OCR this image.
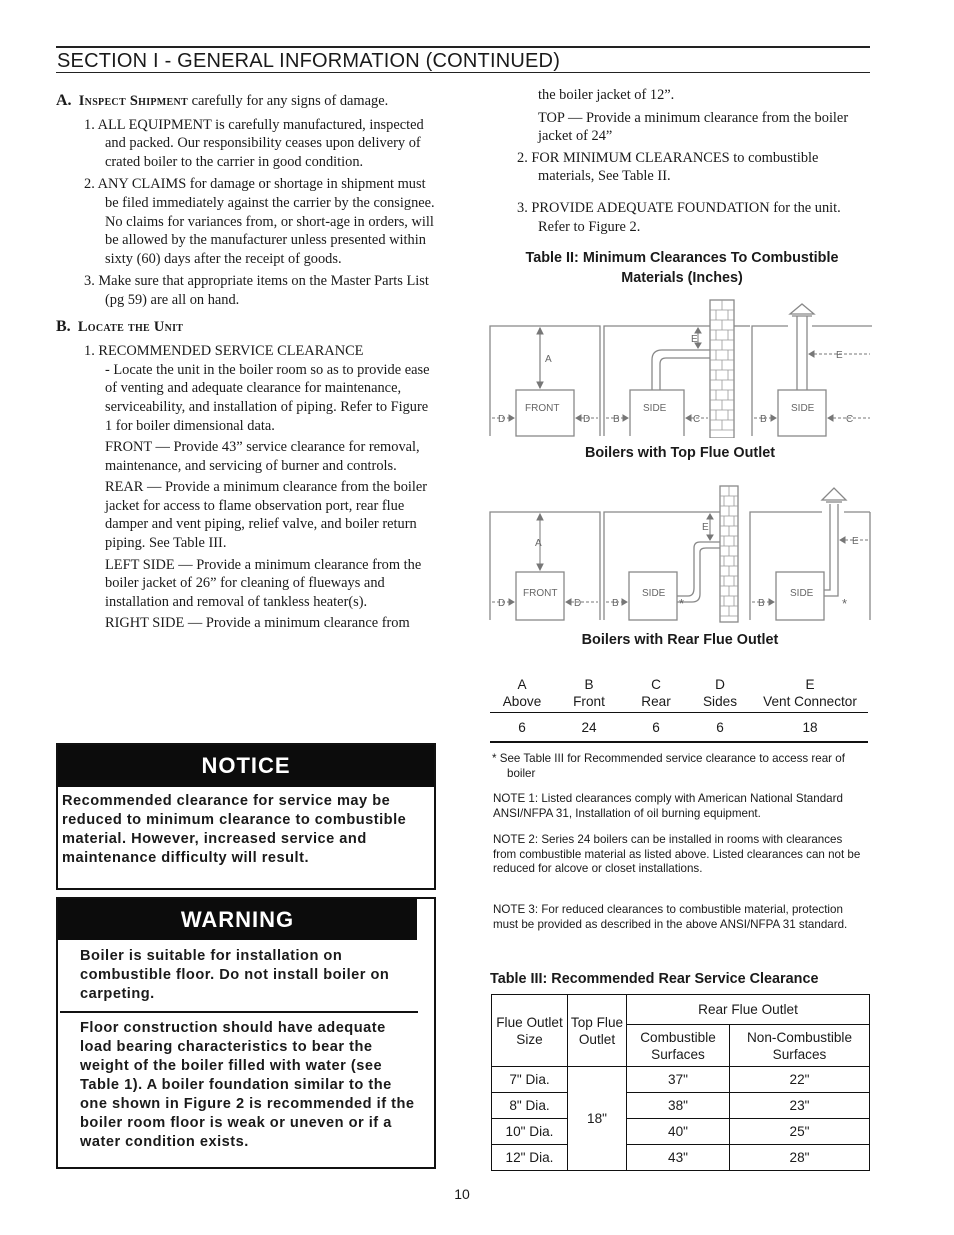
SECTION I - GENERAL INFORMATION (CONTINUED)

A. Inspect Shipment carefully for any signs of damage.

1. ALL EQUIPMENT is carefully manufactured, inspected and packed. Our responsibility ceases upon delivery of crated boiler to the carrier in good condition.

2. ANY CLAIMS for damage or shortage in shipment must be filed immediately against the carrier by the consignee. No claims for variances from, or short-age in orders, will be allowed by the manufacturer unless presented within sixty (60) days after the receipt of goods.

3. Make sure that appropriate items on the Master Parts List (pg 59) are all on hand.

B. Locate the Unit

1. RECOMMENDED SERVICE CLEARANCE

- Locate the unit in the boiler room so as to provide ease of venting and adequate clearance for maintenance, serviceability, and installation of piping. Refer to Figure 1 for boiler dimensional data.

FRONT — Provide 43” service clearance for removal, maintenance, and servicing of burner and controls.

REAR — Provide a minimum clearance from the boiler jacket for access to flame observation port, rear flue damper and vent piping, relief valve, and boiler return piping. See Table III.

LEFT SIDE — Provide a minimum clearance from the boiler jacket of 26” for cleaning of flueways and installation and removal of tankless heater(s).

RIGHT SIDE — Provide a minimum clearance from

NOTICE
Recommended clearance for service may be reduced to minimum clearance to combustible material. However, increased service and maintenance difficulty will result.
WARNING
Boiler is suitable for installation on combustible floor. Do not install boiler on carpeting.
Floor construction should have adequate load bearing characteristics to bear the weight of the boiler filled with water (see Table 1). A boiler foundation similar to the one shown in Figure 2 is recommended if the boiler room floor is weak or uneven or if a water condition exists.

the boiler jacket of 12”.

TOP — Provide a minimum clearance from the boiler jacket of 24”

2. FOR MINIMUM CLEARANCES to combustible materials, See Table II.

3. PROVIDE ADEQUATE FOUNDATION for the unit. Refer to Figure 2.

Table II: Minimum Clearances To Combustible
Materials (Inches)
A
FRONT
D	D
SIDE
B	C
E
SIDE
B	C
E
Boilers with Top Flue Outlet
A
FRONT
D	D
SIDE
B
E
*
SIDE
B
E
*
Boilers with Rear Flue Outlet
A	B	C	D	E
Above	Front	Rear	Sides	Vent Connector
6	24	6	6	18
* See Table III for Recommended service clearance to access rear of boiler
NOTE 1: Listed clearances comply with American National Standard ANSI/NFPA 31, Installation of oil burning equipment.
NOTE 2: Series 24 boilers can be installed in rooms with clearances from combustible material as listed above. Listed clearances can not be reduced for alcove or closet installations.
NOTE 3: For reduced clearances to combustible material, protection must be provided as described in the above ANSI/NFPA 31 standard.
Table III: Recommended Rear Service Clearance
Flue Outlet Size	Top Flue Outlet	Rear Flue Outlet	
		Combustible Surfaces	Non-Combustible Surfaces
7" Dia.	18"	37"	22"
8" Dia.		38"	23"
10" Dia.		40"	25"
12" Dia.		43"	28"
10
